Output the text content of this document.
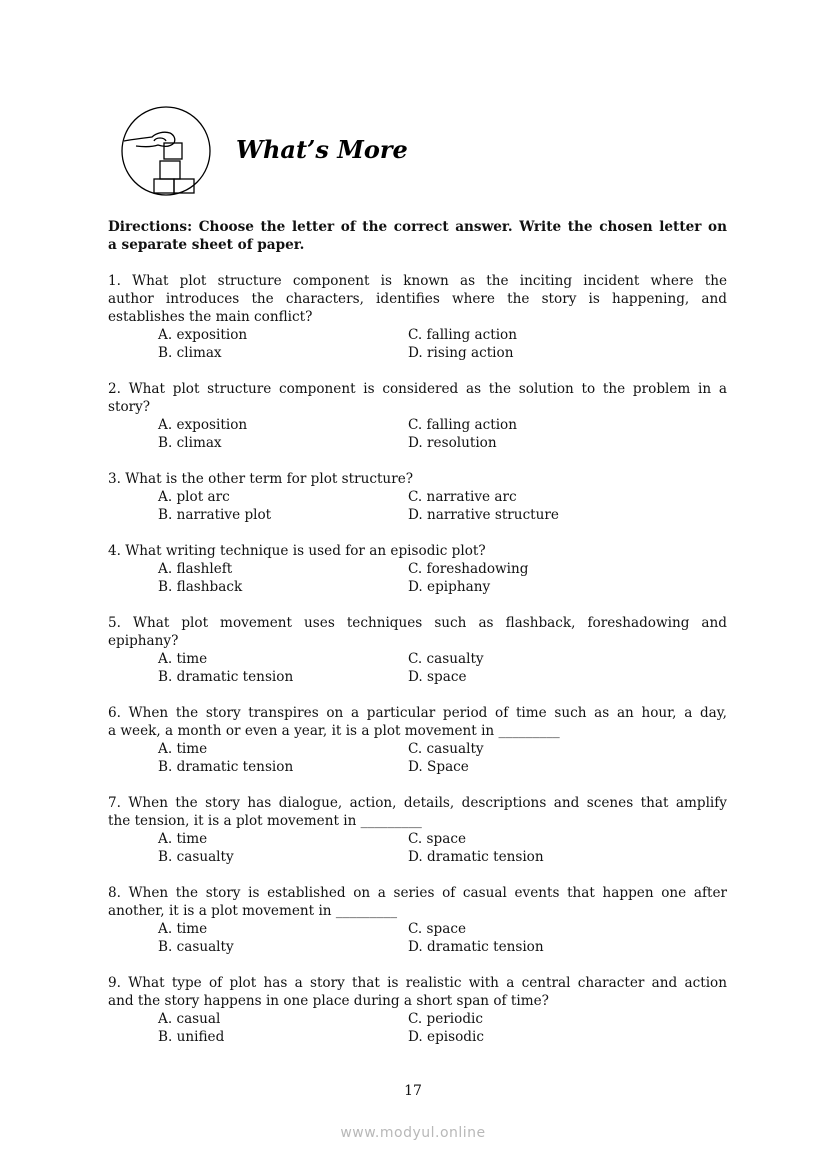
What’s More
Directions: Choose the letter of the correct answer. Write the chosen letter on
a separate sheet of paper.
1. What plot structure component is known as the inciting incident where the
author introduces the characters, identifies where the story is happening, and
establishes the main conflict?
A. exposition	C. falling action
B. climax	D. rising action
2. What plot structure component is considered as the solution to the problem in a
story?
A. exposition	C. falling action
B. climax	D. resolution
3. What is the other term for plot structure?
A. plot arc	C. narrative arc
B. narrative plot	D. narrative structure
4. What writing technique is used for an episodic plot?
A. flashleft	C. foreshadowing
B. flashback	D. epiphany
5. What plot movement uses techniques such as flashback, foreshadowing and
epiphany?
A. time	C. casualty
B. dramatic tension	D. space
6. When the story transpires on a particular period of time such as an hour, a day,
a week, a month or even a year, it is a plot movement in _________
A. time	C. casualty
B. dramatic tension	D. Space
7. When the story has dialogue, action, details, descriptions and scenes that amplify
the tension, it is a plot movement in _________
A. time	C. space
B. casualty	D. dramatic tension
8. When the story is established on a series of casual events that happen one after
another, it is a plot movement in _________
A. time	C. space
B. casualty	D. dramatic tension
9. What type of plot has a story that is realistic with a central character and action
and the story happens in one place during a short span of time?
A. casual	C. periodic
B. unified	D. episodic
17
www.modyul.online
